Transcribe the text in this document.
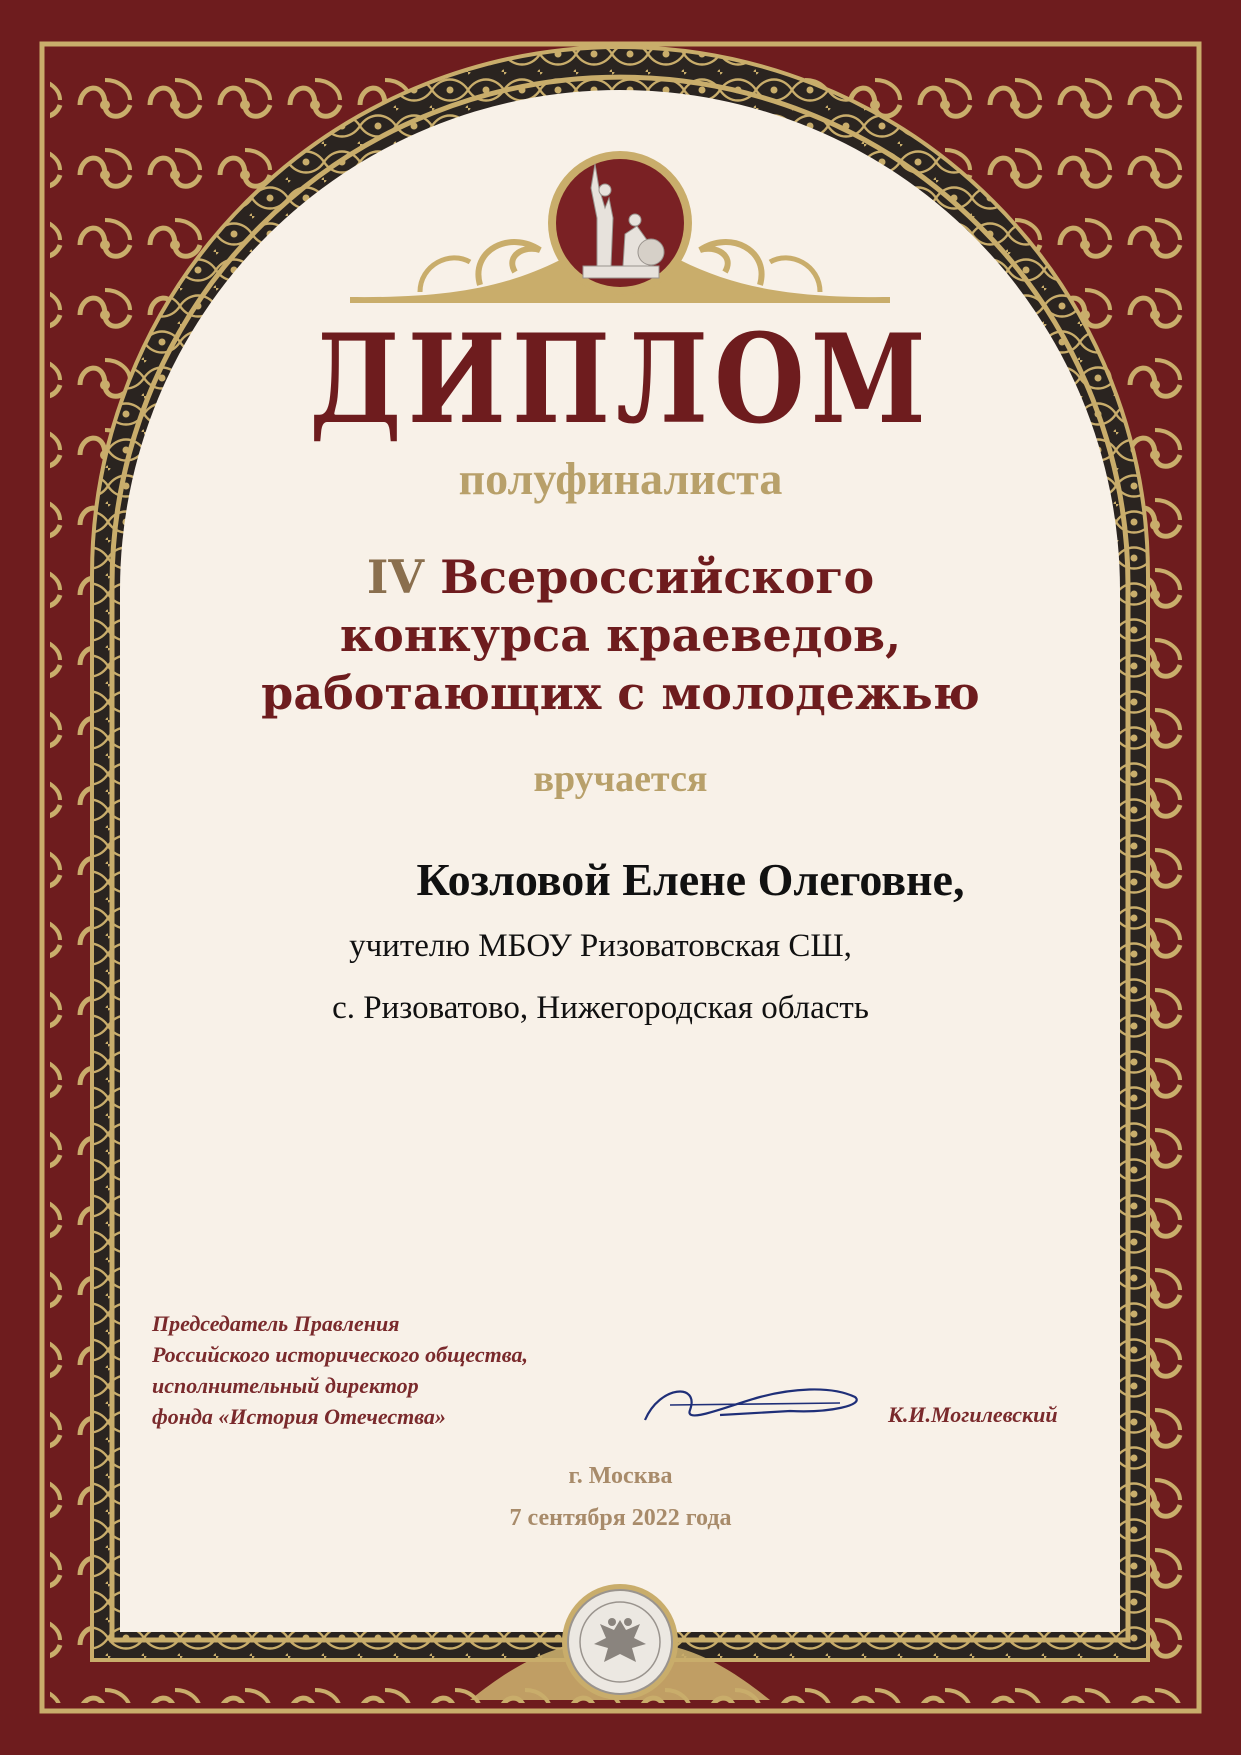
ДИПЛОМ
полуфиналиста
IV Всероссийского
конкурса краеведов,
работающих с молодежью
вручается
Козловой Елене Олеговне,
учителю МБОУ Ризоватовская СШ,
с. Ризоватово, Нижегородская область
Председатель Правления
Российского исторического общества,
исполнительный директор
фонда «История Отечества»	К.И.Могилевский
г. Москва
7 сентября 2022 года
